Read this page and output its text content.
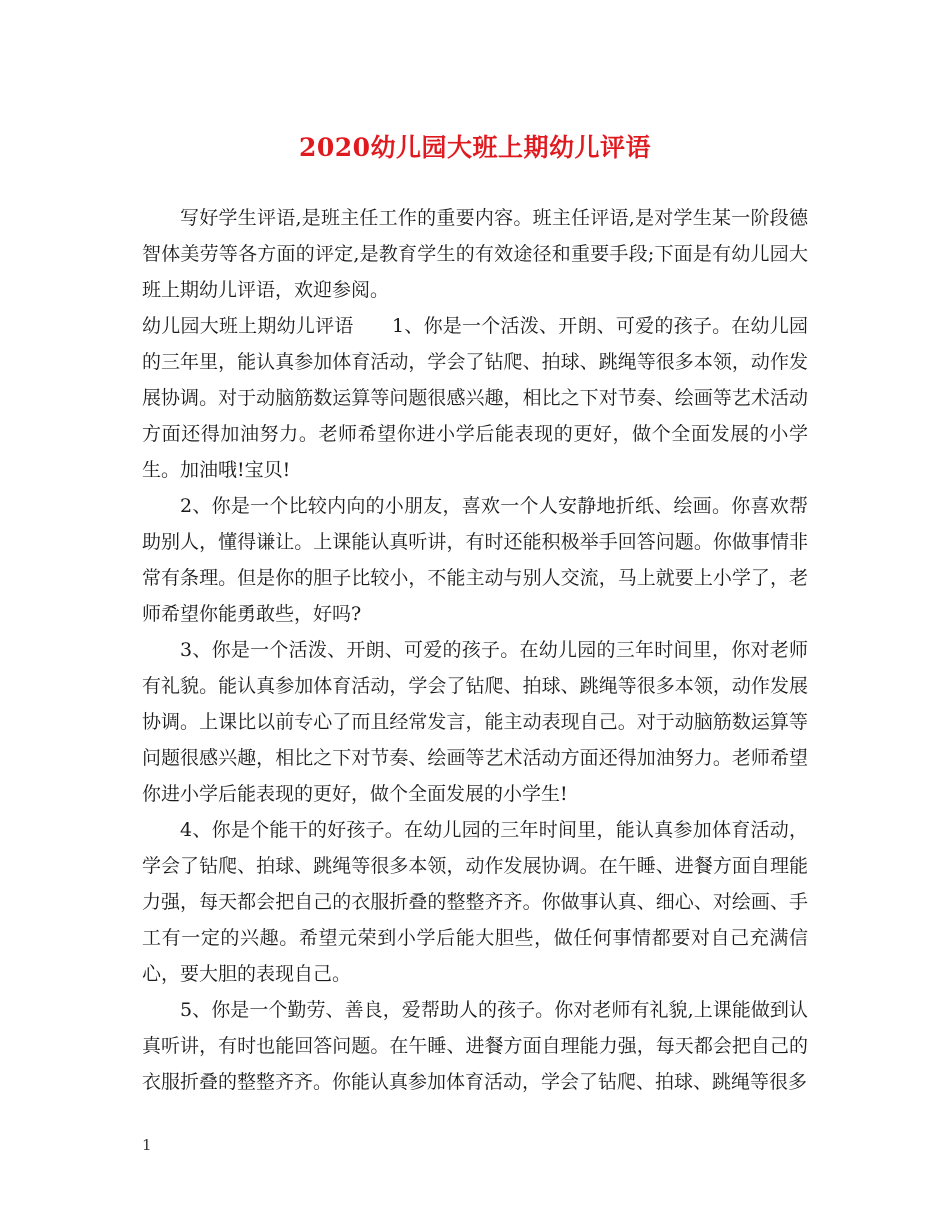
2020幼儿园大班上期幼儿评语

写好学生评语,是班主任工作的重要内容。班主任评语,是对学生某一阶段德智体美劳等各方面的评定,是教育学生的有效途径和重要手段;下面是有幼儿园大班上期幼儿评语，欢迎参阅。

幼儿园大班上期幼儿评语　　1、你是一个活泼、开朗、可爱的孩子。在幼儿园的三年里，能认真参加体育活动，学会了钻爬、拍球、跳绳等很多本领，动作发展协调。对于动脑筋数运算等问题很感兴趣，相比之下对节奏、绘画等艺术活动方面还得加油努力。老师希望你进小学后能表现的更好，做个全面发展的小学生。加油哦!宝贝!

2、你是一个比较内向的小朋友，喜欢一个人安静地折纸、绘画。你喜欢帮助别人，懂得谦让。上课能认真听讲，有时还能积极举手回答问题。你做事情非常有条理。但是你的胆子比较小，不能主动与别人交流，马上就要上小学了，老师希望你能勇敢些，好吗?

3、你是一个活泼、开朗、可爱的孩子。在幼儿园的三年时间里，你对老师有礼貌。能认真参加体育活动，学会了钻爬、拍球、跳绳等很多本领，动作发展协调。上课比以前专心了而且经常发言，能主动表现自己。对于动脑筋数运算等问题很感兴趣，相比之下对节奏、绘画等艺术活动方面还得加油努力。老师希望你进小学后能表现的更好，做个全面发展的小学生!

4、你是个能干的好孩子。在幼儿园的三年时间里，能认真参加体育活动，学会了钻爬、拍球、跳绳等很多本领，动作发展协调。在午睡、进餐方面自理能力强，每天都会把自己的衣服折叠的整整齐齐。你做事认真、细心、对绘画、手工有一定的兴趣。希望元荣到小学后能大胆些，做任何事情都要对自己充满信心，要大胆的表现自己。

5、你是一个勤劳、善良，爱帮助人的孩子。你对老师有礼貌,上课能做到认真听讲，有时也能回答问题。在午睡、进餐方面自理能力强，每天都会把自己的衣服折叠的整整齐齐。你能认真参加体育活动，学会了钻爬、拍球、跳绳等很多

1
